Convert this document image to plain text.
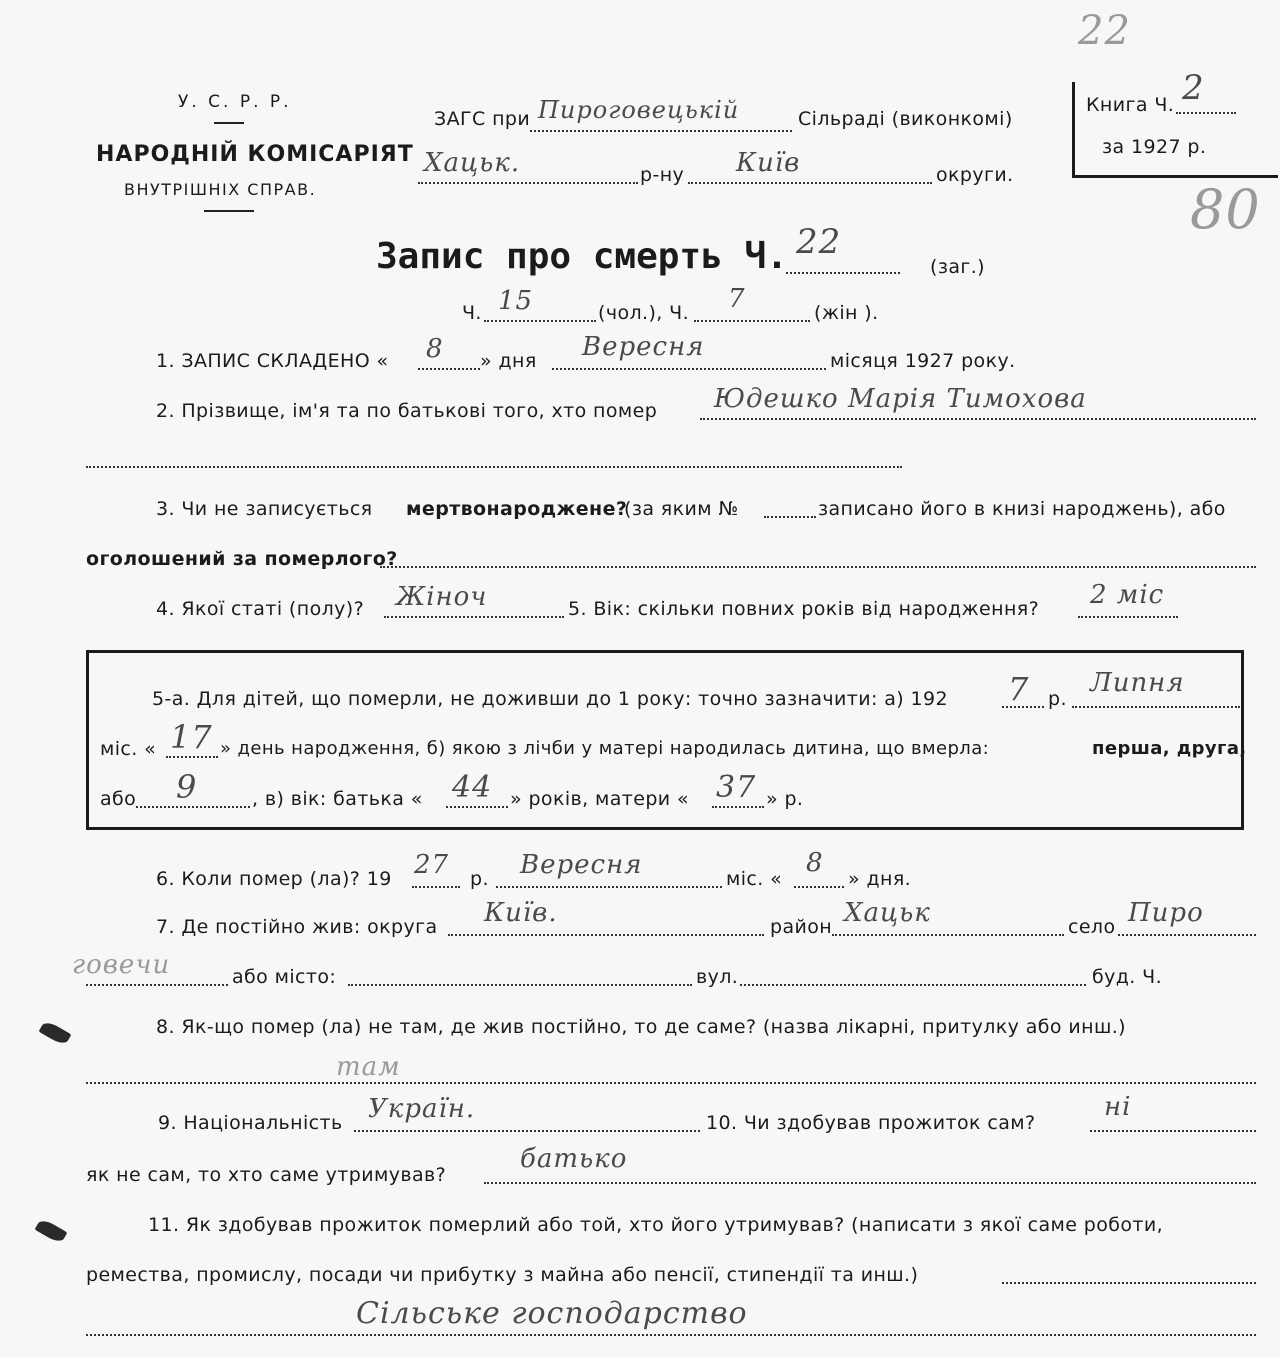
У. С. Р. Р.
НАРОДНІЙ КОМІСАРІЯТ
ВНУТРІШНІХ СПРАВ.
ЗАГС при Пироговецькій	Сільраді (виконкомі)
Хацьк.	р-ну Київ	округи.
Книга Ч. 2
за 1927 р.
22
80
Запис про смерть Ч. 22
(заг.)
Ч. 15	(чол.), Ч. 7	(жін ).
1. ЗАПИС СКЛАДЕНО « 8 » дня Вересня	місяця 1927 року.
2. Прізвище, ім'я та по батькові того, хто помер Юдешко Марія Тимохова
3. Чи не записується мертвонароджене?
(за яким №	записано його в книзі народжень), або
оголошений за померлого?
4. Якої статі (полу)? Жіноч	5. Вік: скільки повних років від народження? 2 міс
5-а. Для дітей, що померли, не доживши до 1 року: точно зазначити: а) 192 7 р.
Липня
міс. « 17 » день народження, б) якою з лічби у матері народилась дитина, що вмерла:	перша, друга,
або 9	, в) вік: батька « 44 » років, матери « 37 » р.
6. Коли помер (ла)? 19 27 р. Вересня	міс. «
8
» дня.
7. Де постійно жив: округа Київ.	район Хацьк	село Пиро
говечи	або місто:	вул.	буд. Ч.
8. Як-що помер (ла) не там, де жив постійно, то де саме? (назва лікарні, притулку або инш.)
там
9. Національність Україн.	10. Чи здобував прожиток сам?
ні
як не сам, то хто саме утримував?
батько
11. Як здобував прожиток померлий або той, хто його утримував? (написати з якої саме роботи,
ремества, промислу, посади чи прибутку з майна або пенсії, стипендії та инш.)
Сільське господарство
